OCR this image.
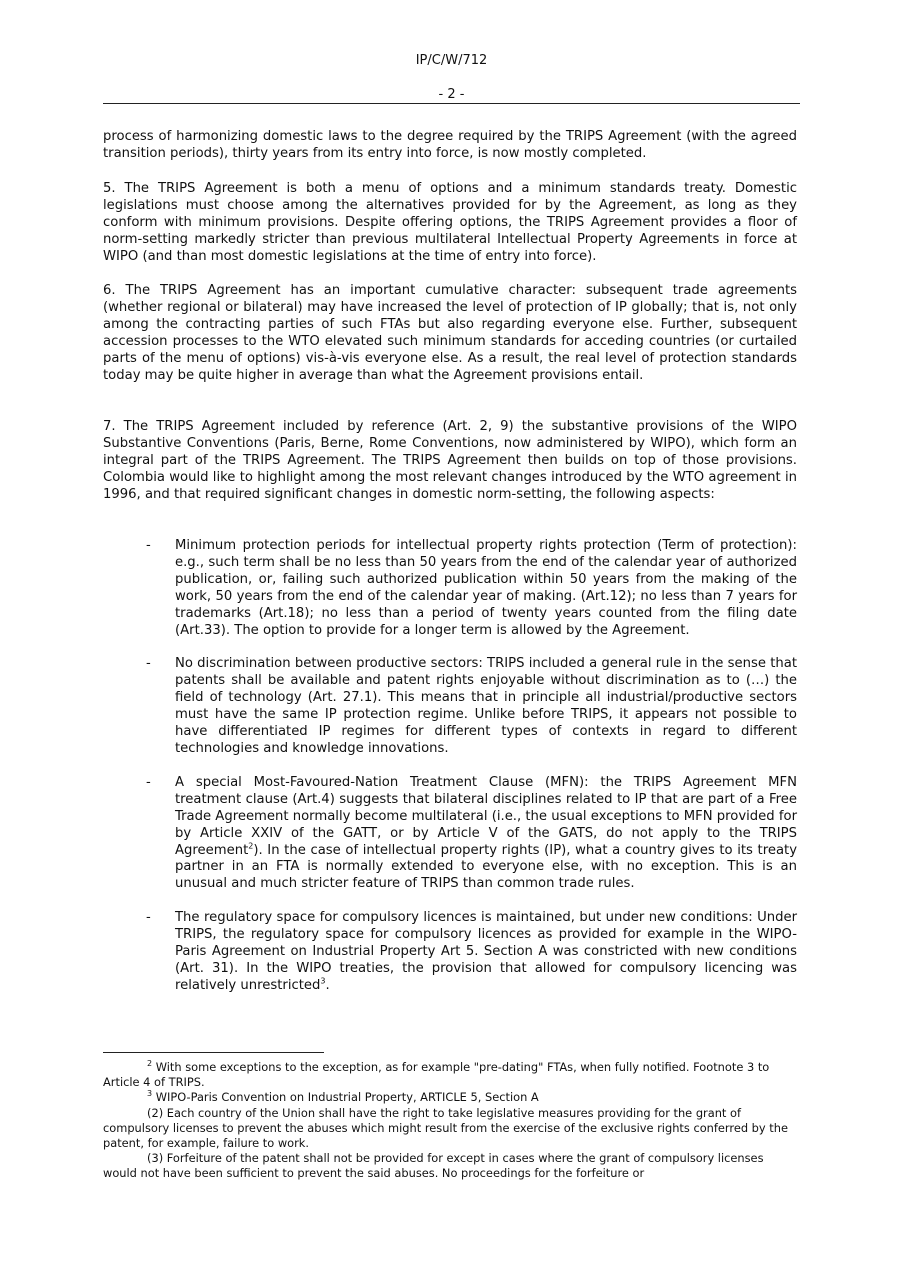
IP/C/W/712
- 2 -

process of harmonizing domestic laws to the degree required by the TRIPS Agreement (with the agreed transition periods), thirty years from its entry into force, is now mostly completed.

5. The TRIPS Agreement is both a menu of options and a minimum standards treaty. Domestic legislations must choose among the alternatives provided for by the Agreement, as long as they conform with minimum provisions. Despite offering options, the TRIPS Agreement provides a floor of norm-setting markedly stricter than previous multilateral Intellectual Property Agreements in force at WIPO (and than most domestic legislations at the time of entry into force).

6. The TRIPS Agreement has an important cumulative character: subsequent trade agreements (whether regional or bilateral) may have increased the level of protection of IP globally; that is, not only among the contracting parties of such FTAs but also regarding everyone else. Further, subsequent accession processes to the WTO elevated such minimum standards for acceding countries (or curtailed parts of the menu of options) vis-à-vis everyone else. As a result, the real level of protection standards today may be quite higher in average than what the Agreement provisions entail.

7. The TRIPS Agreement included by reference (Art. 2, 9) the substantive provisions of the WIPO Substantive Conventions (Paris, Berne, Rome Conventions, now administered by WIPO), which form an integral part of the TRIPS Agreement. The TRIPS Agreement then builds on top of those provisions. Colombia would like to highlight among the most relevant changes introduced by the WTO agreement in 1996, and that required significant changes in domestic norm-setting, the following aspects:

- Minimum protection periods for intellectual property rights protection (Term of protection): e.g., such term shall be no less than 50 years from the end of the calendar year of authorized publication, or, failing such authorized publication within 50 years from the making of the work, 50 years from the end of the calendar year of making. (Art.12); no less than 7 years for trademarks (Art.18); no less than a period of twenty years counted from the filing date (Art.33). The option to provide for a longer term is allowed by the Agreement.
- No discrimination between productive sectors: TRIPS included a general rule in the sense that patents shall be available and patent rights enjoyable without discrimination as to (…) the field of technology (Art. 27.1). This means that in principle all industrial/productive sectors must have the same IP protection regime. Unlike before TRIPS, it appears not possible to have differentiated IP regimes for different types of contexts in regard to different technologies and knowledge innovations.
- A special Most-Favoured-Nation Treatment Clause (MFN): the TRIPS Agreement MFN treatment clause (Art.4) suggests that bilateral disciplines related to IP that are part of a Free Trade Agreement normally become multilateral (i.e., the usual exceptions to MFN provided for by Article XXIV of the GATT, or by Article V of the GATS, do not apply to the TRIPS Agreement$^2$). In the case of intellectual property rights (IP), what a country gives to its treaty partner in an FTA is normally extended to everyone else, with no exception. This is an unusual and much stricter feature of TRIPS than common trade rules.
- The regulatory space for compulsory licences is maintained, but under new conditions: Under TRIPS, the regulatory space for compulsory licences as provided for example in the WIPO-Paris Agreement on Industrial Property Art 5. Section A was constricted with new conditions (Art. 31). In the WIPO treaties, the provision that allowed for compulsory licencing was relatively unrestricted$^3$.

$^2$ With some exceptions to the exception, as for example "pre-dating" FTAs, when fully notified. Footnote 3 to Article 4 of TRIPS.

$^3$ WIPO-Paris Convention on Industrial Property, ARTICLE 5, Section A

(2) Each country of the Union shall have the right to take legislative measures providing for the grant of compulsory licenses to prevent the abuses which might result from the exercise of the exclusive rights conferred by the patent, for example, failure to work.

(3) Forfeiture of the patent shall not be provided for except in cases where the grant of compulsory licenses would not have been sufficient to prevent the said abuses. No proceedings for the forfeiture or
